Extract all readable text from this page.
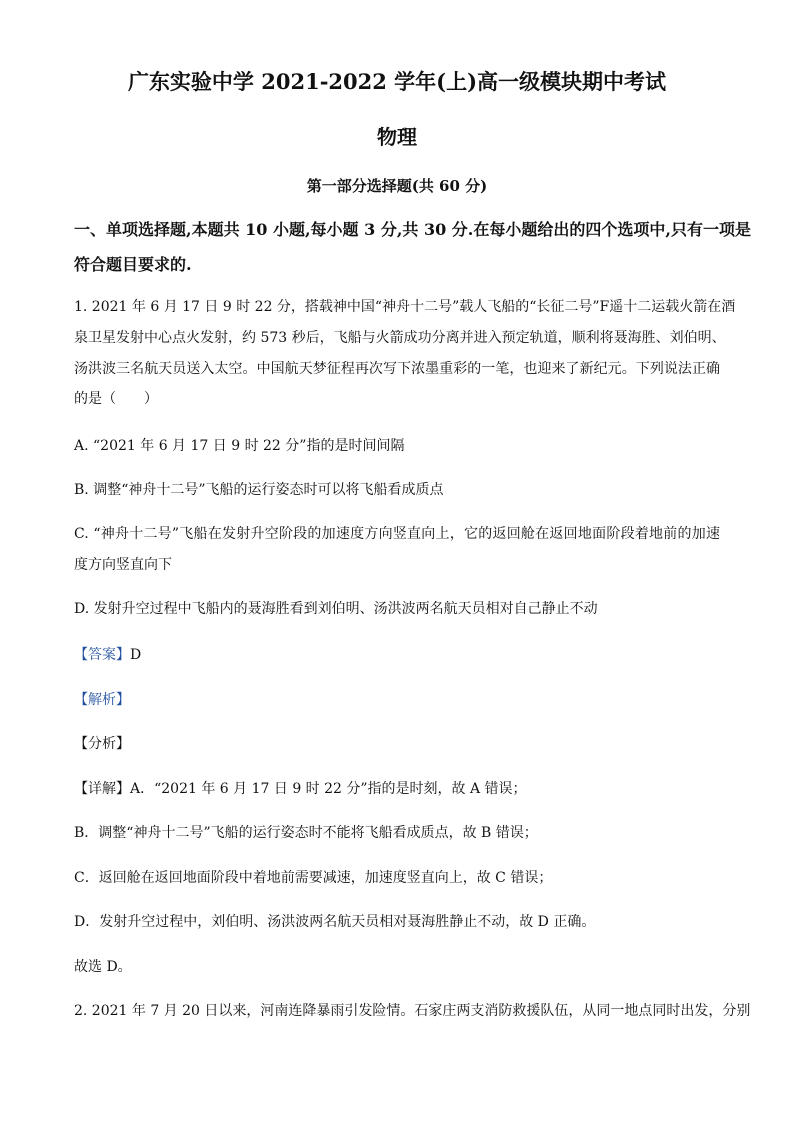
广东实验中学 2021-2022 学年(上)高一级模块期中考试
物理
第一部分选择题(共 60 分)
一、单项选择题,本题共 10 小题,每小题 3 分,共 30 分.在每小题给出的四个选项中,只有一项是
符合题目要求的.
1. 2021 年 6 月 17 日 9 时 22 分，搭载神中国“神舟十二号”载人飞船的“长征二号”F遥十二运载火箭在酒
泉卫星发射中心点火发射，约 573 秒后，飞船与火箭成功分离并进入预定轨道，顺利将聂海胜、刘伯明、
汤洪波三名航天员送入太空。中国航天梦征程再次写下浓墨重彩的一笔，也迎来了新纪元。下列说法正确
的是（　　）
A. “2021 年 6 月 17 日 9 时 22 分”指的是时间间隔
B. 调整“神舟十二号”飞船的运行姿态时可以将飞船看成质点
C. “神舟十二号”飞船在发射升空阶段的加速度方向竖直向上，它的返回舱在返回地面阶段着地前的加速
度方向竖直向下
D. 发射升空过程中飞船内的聂海胜看到刘伯明、汤洪波两名航天员相对自己静止不动
【答案】D
【解析】
【分析】
【详解】A．“2021 年 6 月 17 日 9 时 22 分”指的是时刻，故 A 错误；
B．调整“神舟十二号”飞船的运行姿态时不能将飞船看成质点，故 B 错误；
C．返回舱在返回地面阶段中着地前需要减速，加速度竖直向上，故 C 错误；
D．发射升空过程中，刘伯明、汤洪波两名航天员相对聂海胜静止不动，故 D 正确。
故选 D。
2. 2021 年 7 月 20 日以来，河南连降暴雨引发险情。石家庄两支消防救援队伍，从同一地点同时出发，分别
